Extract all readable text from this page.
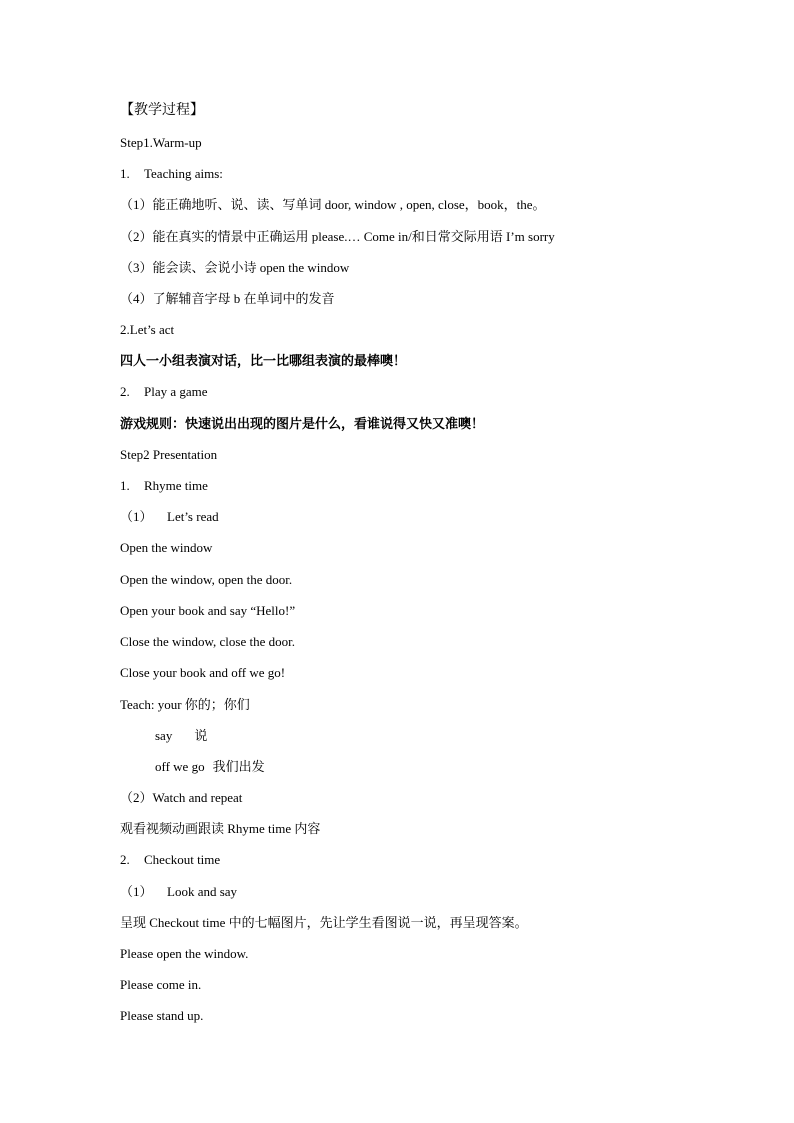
【教学过程】
Step1.Warm-up
1. Teaching aims:
（1）能正确地听、说、读、写单词 door, window , open, close，book，the。
（2）能在真实的情景中正确运用 please.… Come in/和日常交际用语 I’m sorry
（3）能会读、会说小诗 open the window
（4）了解辅音字母 b 在单词中的发音
2.Let’s act
四人一小组表演对话，比一比哪组表演的最棒噢！
2. Play a game
游戏规则：快速说出出现的图片是什么，看谁说得又快又准噢！
Step2 Presentation
1. Rhyme time
（1） Let’s read
Open the window
Open the window, open the door.
Open your book and say “Hello!”
Close the window, close the door.
Close your book and off we go!
Teach: your 你的；你们
say 说
off we go 我们出发
（2）Watch and repeat
观看视频动画跟读 Rhyme time 内容
2. Checkout time
（1） Look and say
呈现 Checkout time 中的七幅图片，先让学生看图说一说，再呈现答案。
Please open the window.
Please come in.
Please stand up.
